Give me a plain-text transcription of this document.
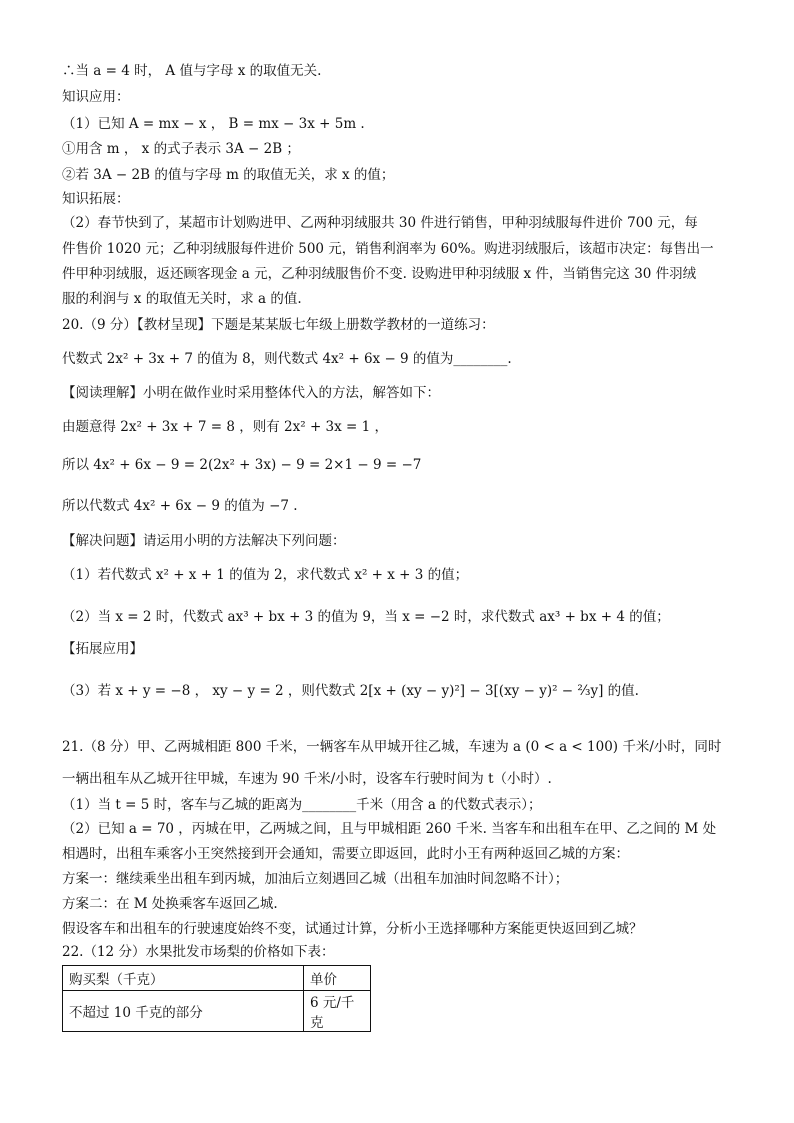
∴当 a = 4 时， A 值与字母 x 的取值无关.
知识应用：
（1）已知 A = mx − x ， B = mx − 3x + 5m .
①用含 m ， x 的式子表示 3A − 2B ；
②若 3A − 2B 的值与字母 m 的取值无关，求 x 的值；
知识拓展：
（2）春节快到了，某超市计划购进甲、乙两种羽绒服共 30 件进行销售，甲种羽绒服每件进价 700 元，每
件售价 1020 元；乙种羽绒服每件进价 500 元，销售利润率为 60%。购进羽绒服后，该超市决定：每售出一
件甲种羽绒服，返还顾客现金 a 元，乙种羽绒服售价不变. 设购进甲种羽绒服 x 件，当销售完这 30 件羽绒
服的利润与 x 的取值无关时，求 a 的值.
20.（9 分）【教材呈现】下题是某某版七年级上册数学教材的一道练习：
代数式 2x² + 3x + 7 的值为 8，则代数式 4x² + 6x − 9 的值为________.
【阅读理解】小明在做作业时采用整体代入的方法，解答如下：
由题意得 2x² + 3x + 7 = 8 ，则有 2x² + 3x = 1 ，
所以 4x² + 6x − 9 = 2(2x² + 3x) − 9 = 2×1 − 9 = −7
所以代数式 4x² + 6x − 9 的值为 −7 .
【解决问题】请运用小明的方法解决下列问题：
（1）若代数式 x² + x + 1 的值为 2，求代数式 x² + x + 3 的值；
（2）当 x = 2 时，代数式 ax³ + bx + 3 的值为 9，当 x = −2 时，求代数式 ax³ + bx + 4 的值；
【拓展应用】
（3）若 x + y = −8 ， xy − y = 2 ，则代数式 2[x + (xy − y)²] − 3[(xy − y)² − ⅔y] 的值.
21.（8 分）甲、乙两城相距 800 千米，一辆客车从甲城开往乙城，车速为 a (0 < a < 100) 千米/小时，同时
一辆出租车从乙城开往甲城，车速为 90 千米/小时，设客车行驶时间为 t（小时）.
（1）当 t = 5 时，客车与乙城的距离为________千米（用含 a 的代数式表示）；
（2）已知 a = 70 ，丙城在甲，乙两城之间，且与甲城相距 260 千米. 当客车和出租车在甲、乙之间的 M 处
相遇时，出租车乘客小王突然接到开会通知，需要立即返回，此时小王有两种返回乙城的方案：
方案一：继续乘坐出租车到丙城，加油后立刻遇回乙城（出租车加油时间忽略不计）；
方案二：在 M 处换乘客车返回乙城.
假设客车和出租车的行驶速度始终不变，试通过计算，分析小王选择哪种方案能更快返回到乙城？
22.（12 分）水果批发市场梨的价格如下表：
购买梨（千克）	单价
不超过 10 千克的部分	6 元/千克
